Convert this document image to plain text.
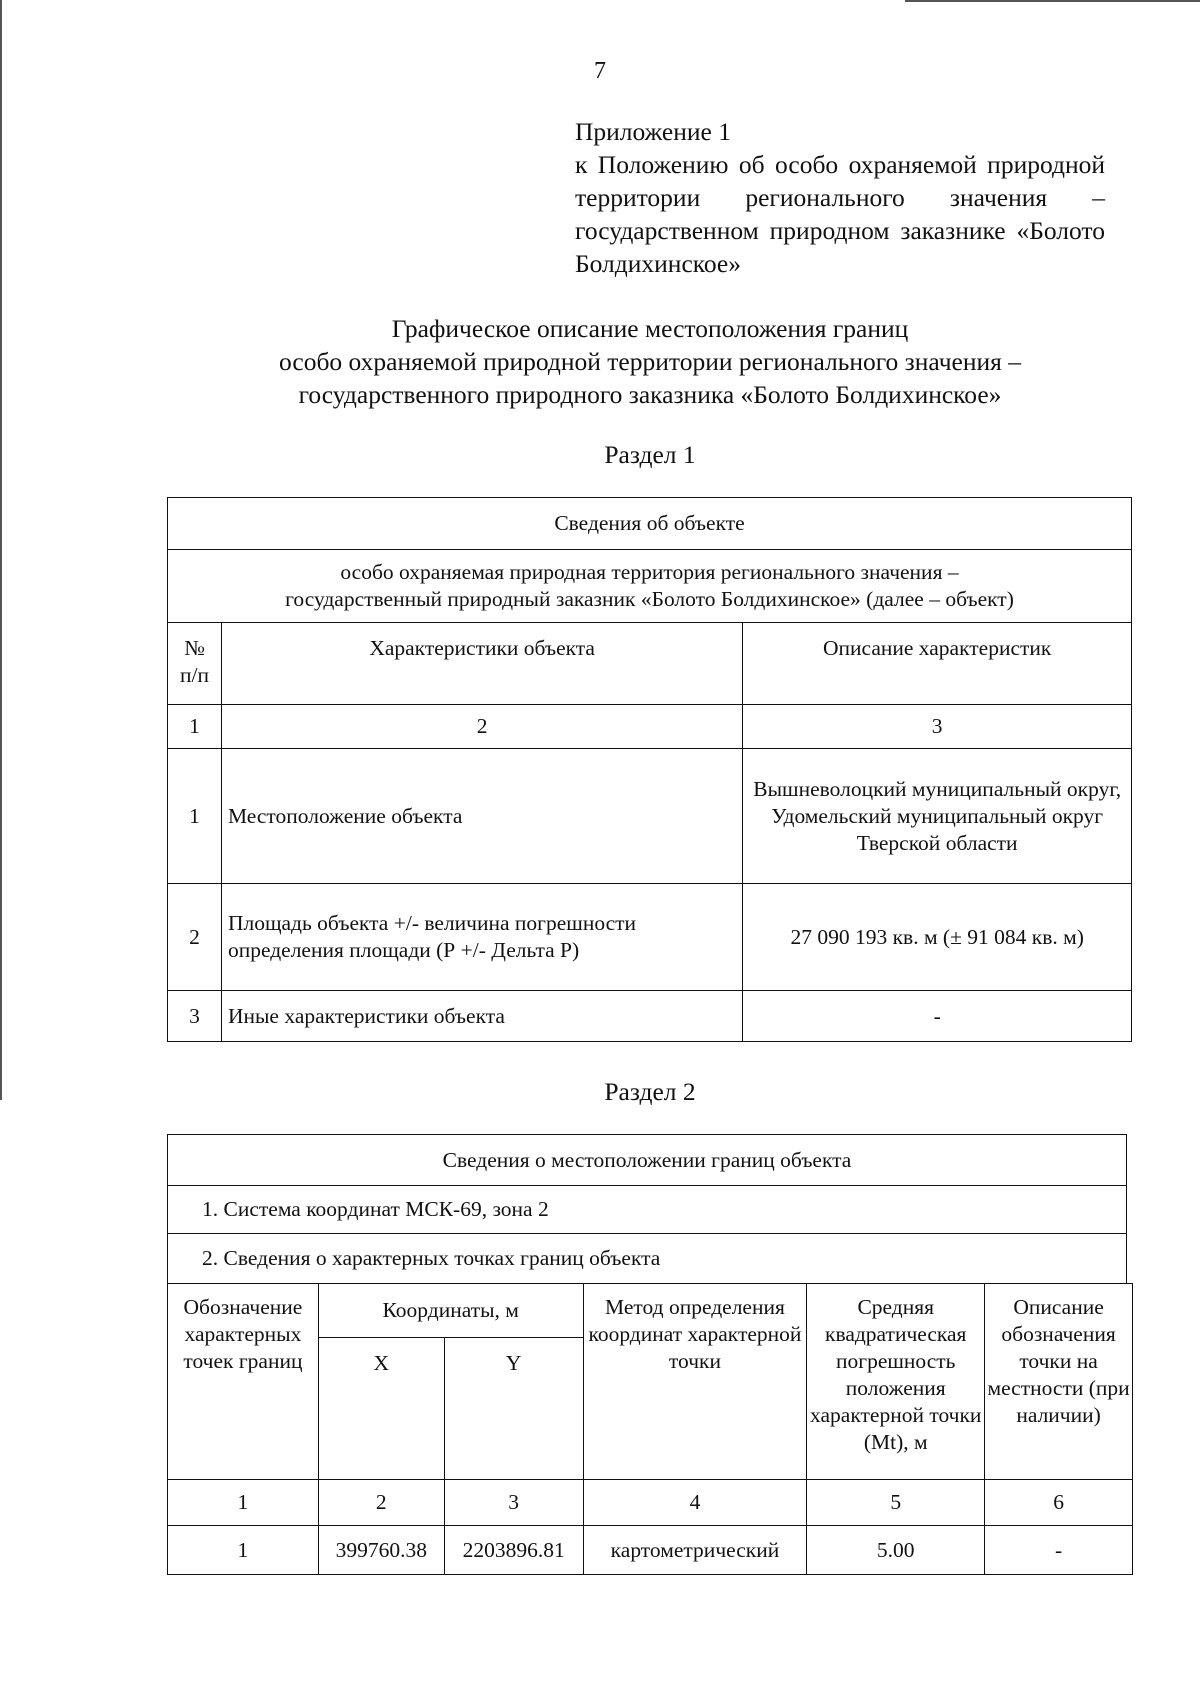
7
Приложение 1
к Положению об особо охраняемой природной территории регионального значения – государственном природном заказнике «Болото Болдихинское»
Графическое описание местоположения границ
особо охраняемой природной территории регионального значения –
государственного природного заказника «Болото Болдихинское»
Раздел 1
Сведения об объекте		

особо охраняемая природная территория регионального значения –
государственный природный заказник «Болото Болдихинское» (далее – объект)		

№ п/п	Характеристики объекта	Описание характеристик
1	2	3
1	Местоположение объекта	Вышневолоцкий муниципальный округ, Удомельский муниципальный округ Тверской области
2	Площадь объекта +/- величина погрешности определения площади (Р +/- Дельта Р)	27 090 193 кв. м (± 91 084 кв. м)
3	Иные характеристики объекта	-
Раздел 2
Сведения о местоположении границ объекта
1. Система координат МСК-69, зона 2
2. Сведения о характерных точках границ объекта
Обозначение характерных точек границ	Координаты, м		Метод определения координат характерной точки	Средняя квадратическая погрешность положения характерной точки (Mt), м	Описание обозначения точки на местности (при наличии)
	X	Y			
1	2	3	4	5	6
1	399760.38	2203896.81	картометрический	5.00	-
